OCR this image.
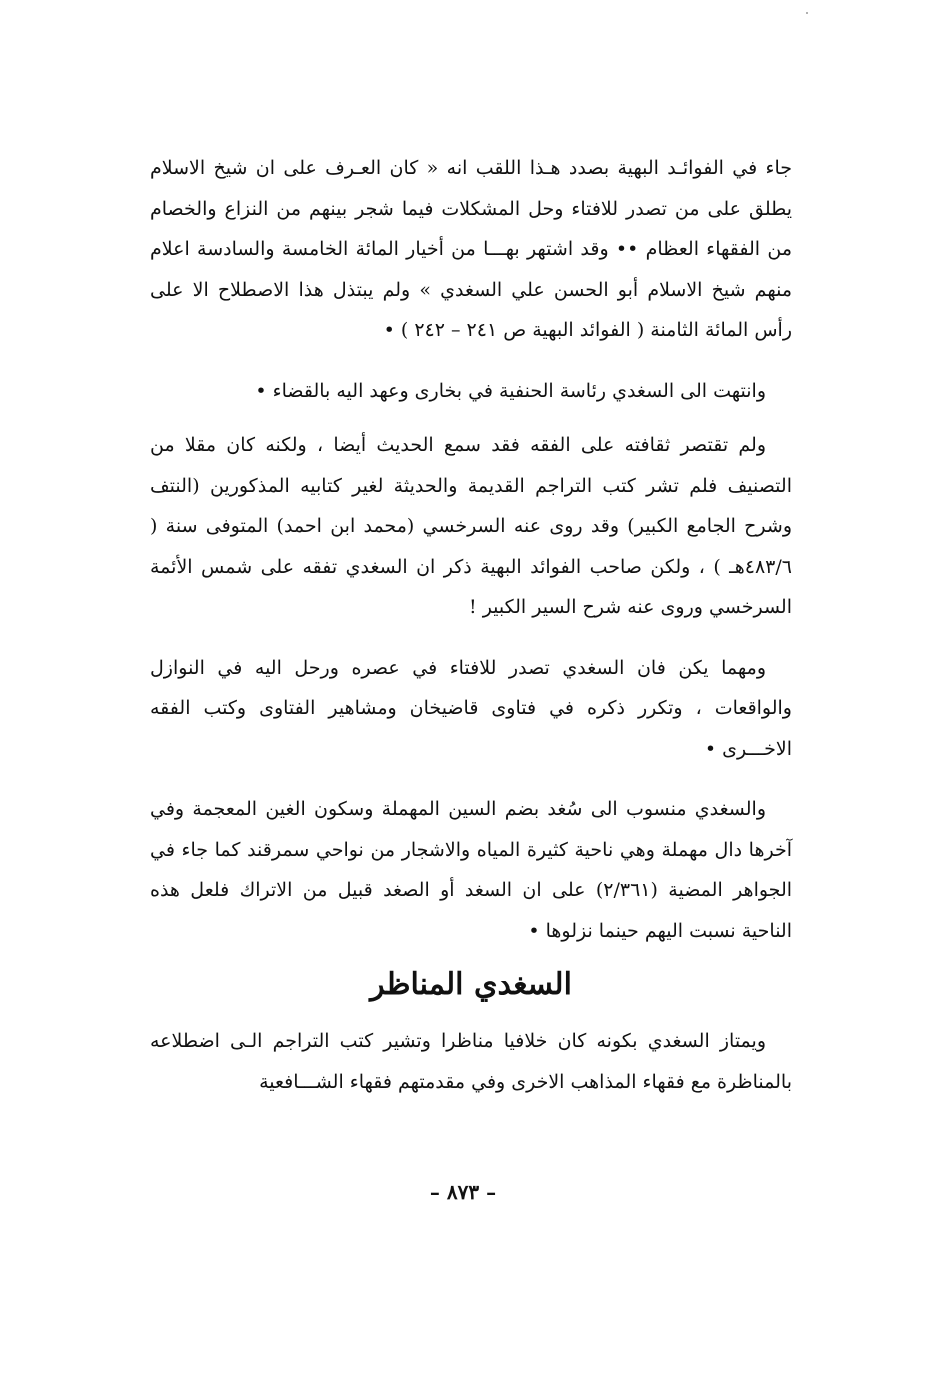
جاء في الفوائـد البهية بصدد هـذا اللقب انه « كان العـرف على ان شيخ الاسلام يطلق على من تصدر للافتاء وحل المشكلات فيما شجر بينهم من النزاع والخصام من الفقهاء العظام •• وقد اشتهر بهـــا من أخيار المائة الخامسة والسادسة اعلام منهم شيخ الاسلام أبو الحسن علي السغدي » ولم يبتذل هذا الاصطلاح الا على رأس المائة الثامنة ( الفوائد البهية ص ٢٤١ – ٢٤٢ ) •

وانتهت الى السغدي رئاسة الحنفية في بخارى وعهد اليه بالقضاء •

ولم تقتصر ثقافته على الفقه فقد سمع الحديث أيضا ، ولكنه كان مقلا من التصنيف فلم تشر كتب التراجم القديمة والحديثة لغير كتابيه المذكورين (النتف وشرح الجامع الكبير) وقد روى عنه السرخسي (محمد ابن احمد) المتوفى سنة ( ٤٨٣/٦هـ ) ، ولكن صاحب الفوائد البهية ذكر ان السغدي تفقه على شمس الأئمة السرخسي وروى عنه شرح السير الكبير !

ومهما يكن فان السغدي تصدر للافتاء في عصره ورحل اليه في النوازل والواقعات ، وتكرر ذكره في فتاوى قاضيخان ومشاهير الفتاوى وكتب الفقه الاخـــرى •

والسغدي منسوب الى سُغد بضم السين المهملة وسكون الغين المعجمة وفي آخرها دال مهملة وهي ناحية كثيرة المياه والاشجار من نواحي سمرقند كما جاء في الجواهر المضية (٢/٣٦١) على ان السغد أو الصغد قبيل من الاتراك فلعل هذه الناحية نسبت اليهم حينما نزلوها •

السغدي المناظر

ويمتاز السغدي بكونه كان خلافيا مناظرا وتشير كتب التراجم الـى اضطلاعه بالمناظرة مع فقهاء المذاهب الاخرى وفي مقدمتهم فقهاء الشـــافعية

– ٨٧٣ –
